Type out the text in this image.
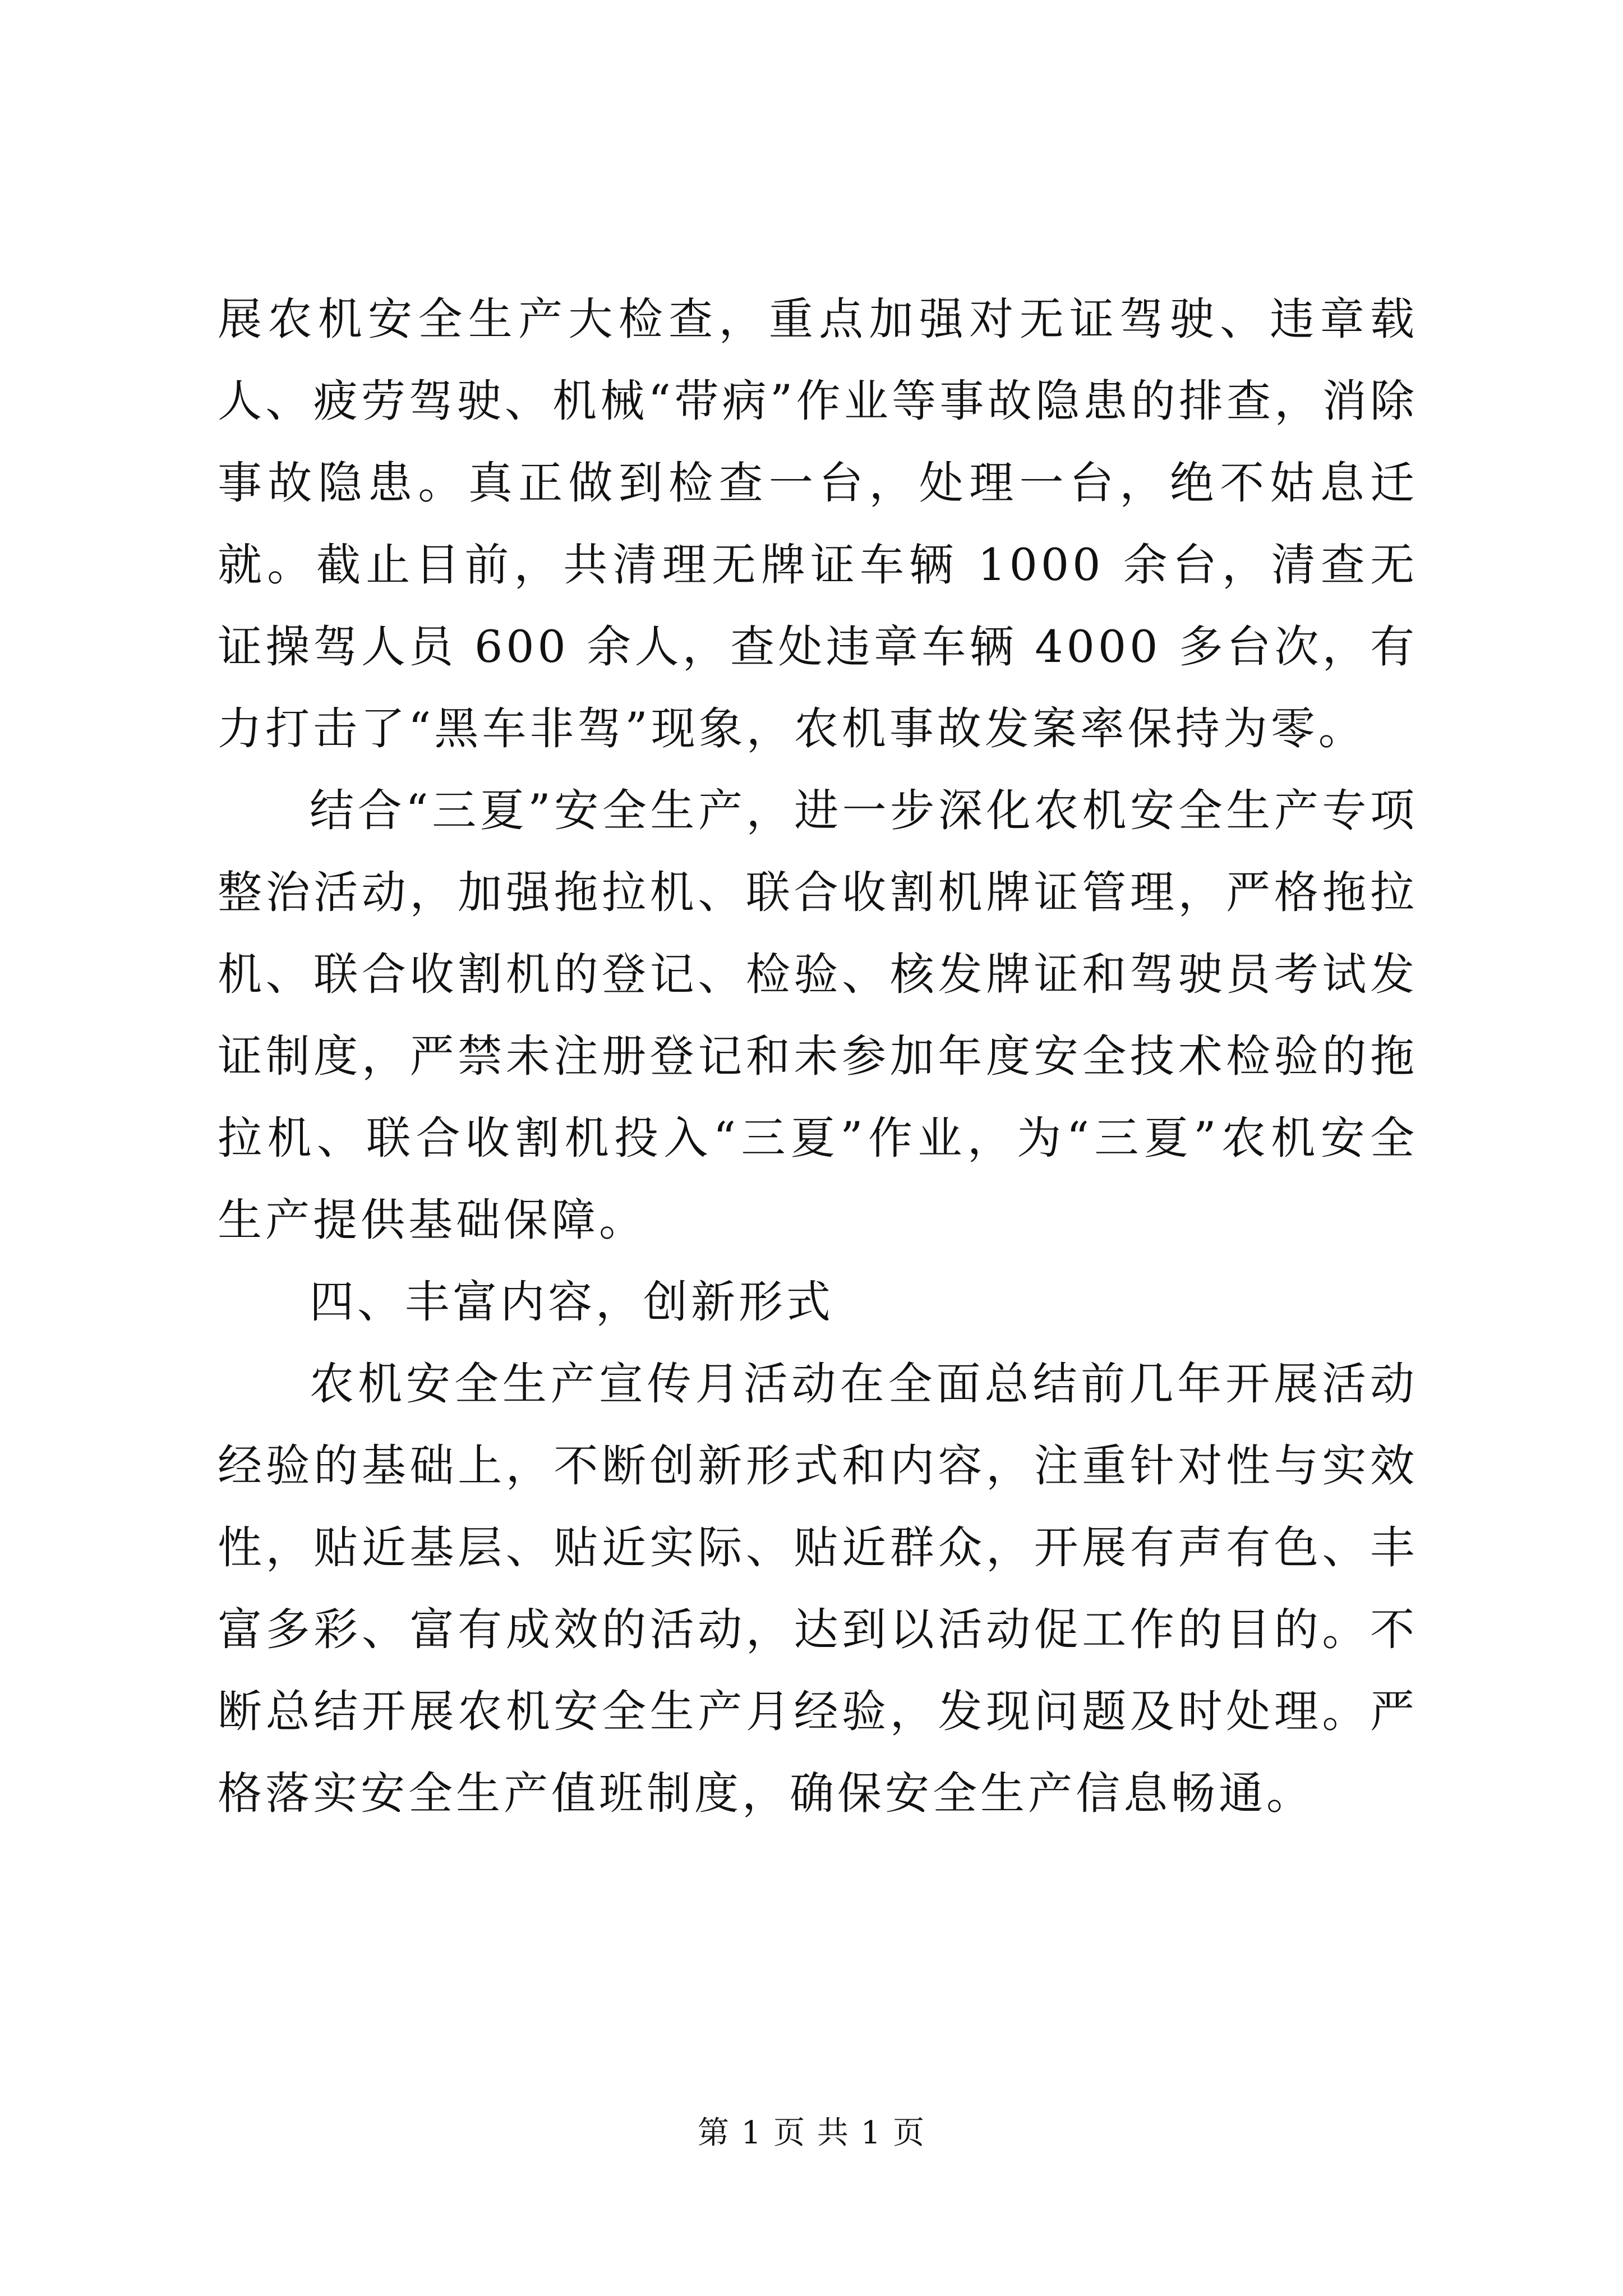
展农机安全生产大检查，重点加强对无证驾驶、违章载人、疲劳驾驶、机械“带病”作业等事故隐患的排查，消除事故隐患。真正做到检查一台，处理一台，绝不姑息迁就。截止目前，共清理无牌证车辆 1000 余台，清查无证操驾人员 600 余人，查处违章车辆 4000 多台次，有力打击了“黑车非驾”现象，农机事故发案率保持为零。

结合“三夏”安全生产，进一步深化农机安全生产专项整治活动，加强拖拉机、联合收割机牌证管理，严格拖拉机、联合收割机的登记、检验、核发牌证和驾驶员考试发证制度，严禁未注册登记和未参加年度安全技术检验的拖拉机、联合收割机投入“三夏”作业，为“三夏”农机安全生产提供基础保障。

四、丰富内容，创新形式

农机安全生产宣传月活动在全面总结前几年开展活动经验的基础上，不断创新形式和内容，注重针对性与实效性，贴近基层、贴近实际、贴近群众，开展有声有色、丰富多彩、富有成效的活动，达到以活动促工作的目的。不断总结开展农机安全生产月经验，发现问题及时处理。严格落实安全生产值班制度，确保安全生产信息畅通。

第 1 页 共 1 页
